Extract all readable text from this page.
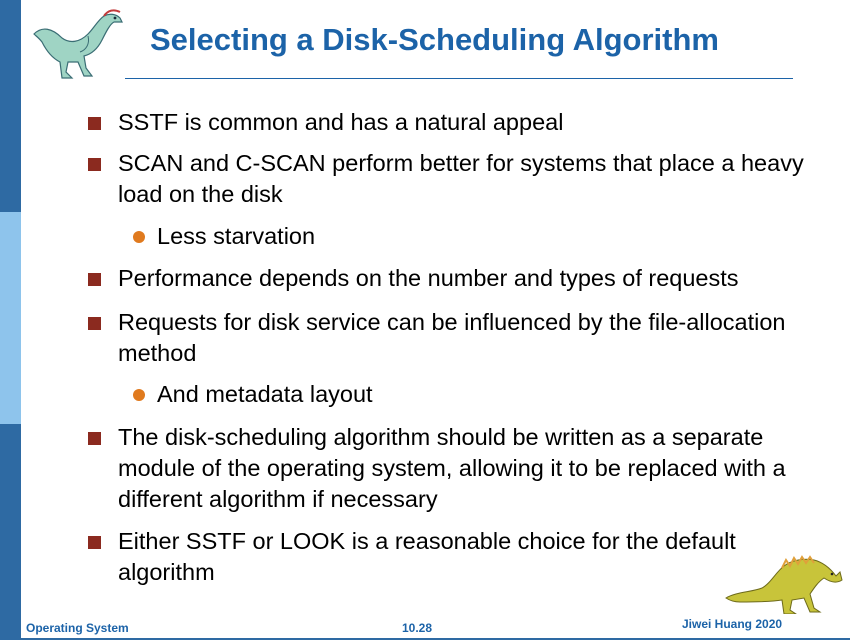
Selecting a Disk-Scheduling Algorithm
SSTF is common and has a natural appeal
SCAN and C-SCAN perform better for systems that place a heavy load on the disk
Less starvation
Performance depends on the number and types of requests
Requests for disk service can be influenced by the file-allocation method
And metadata layout
The disk-scheduling algorithm should be written as a separate module of the operating system, allowing it to be replaced with a different algorithm if necessary
Either SSTF or LOOK is a reasonable choice for the default algorithm
Operating System	10.28	Jiwei Huang 2020
